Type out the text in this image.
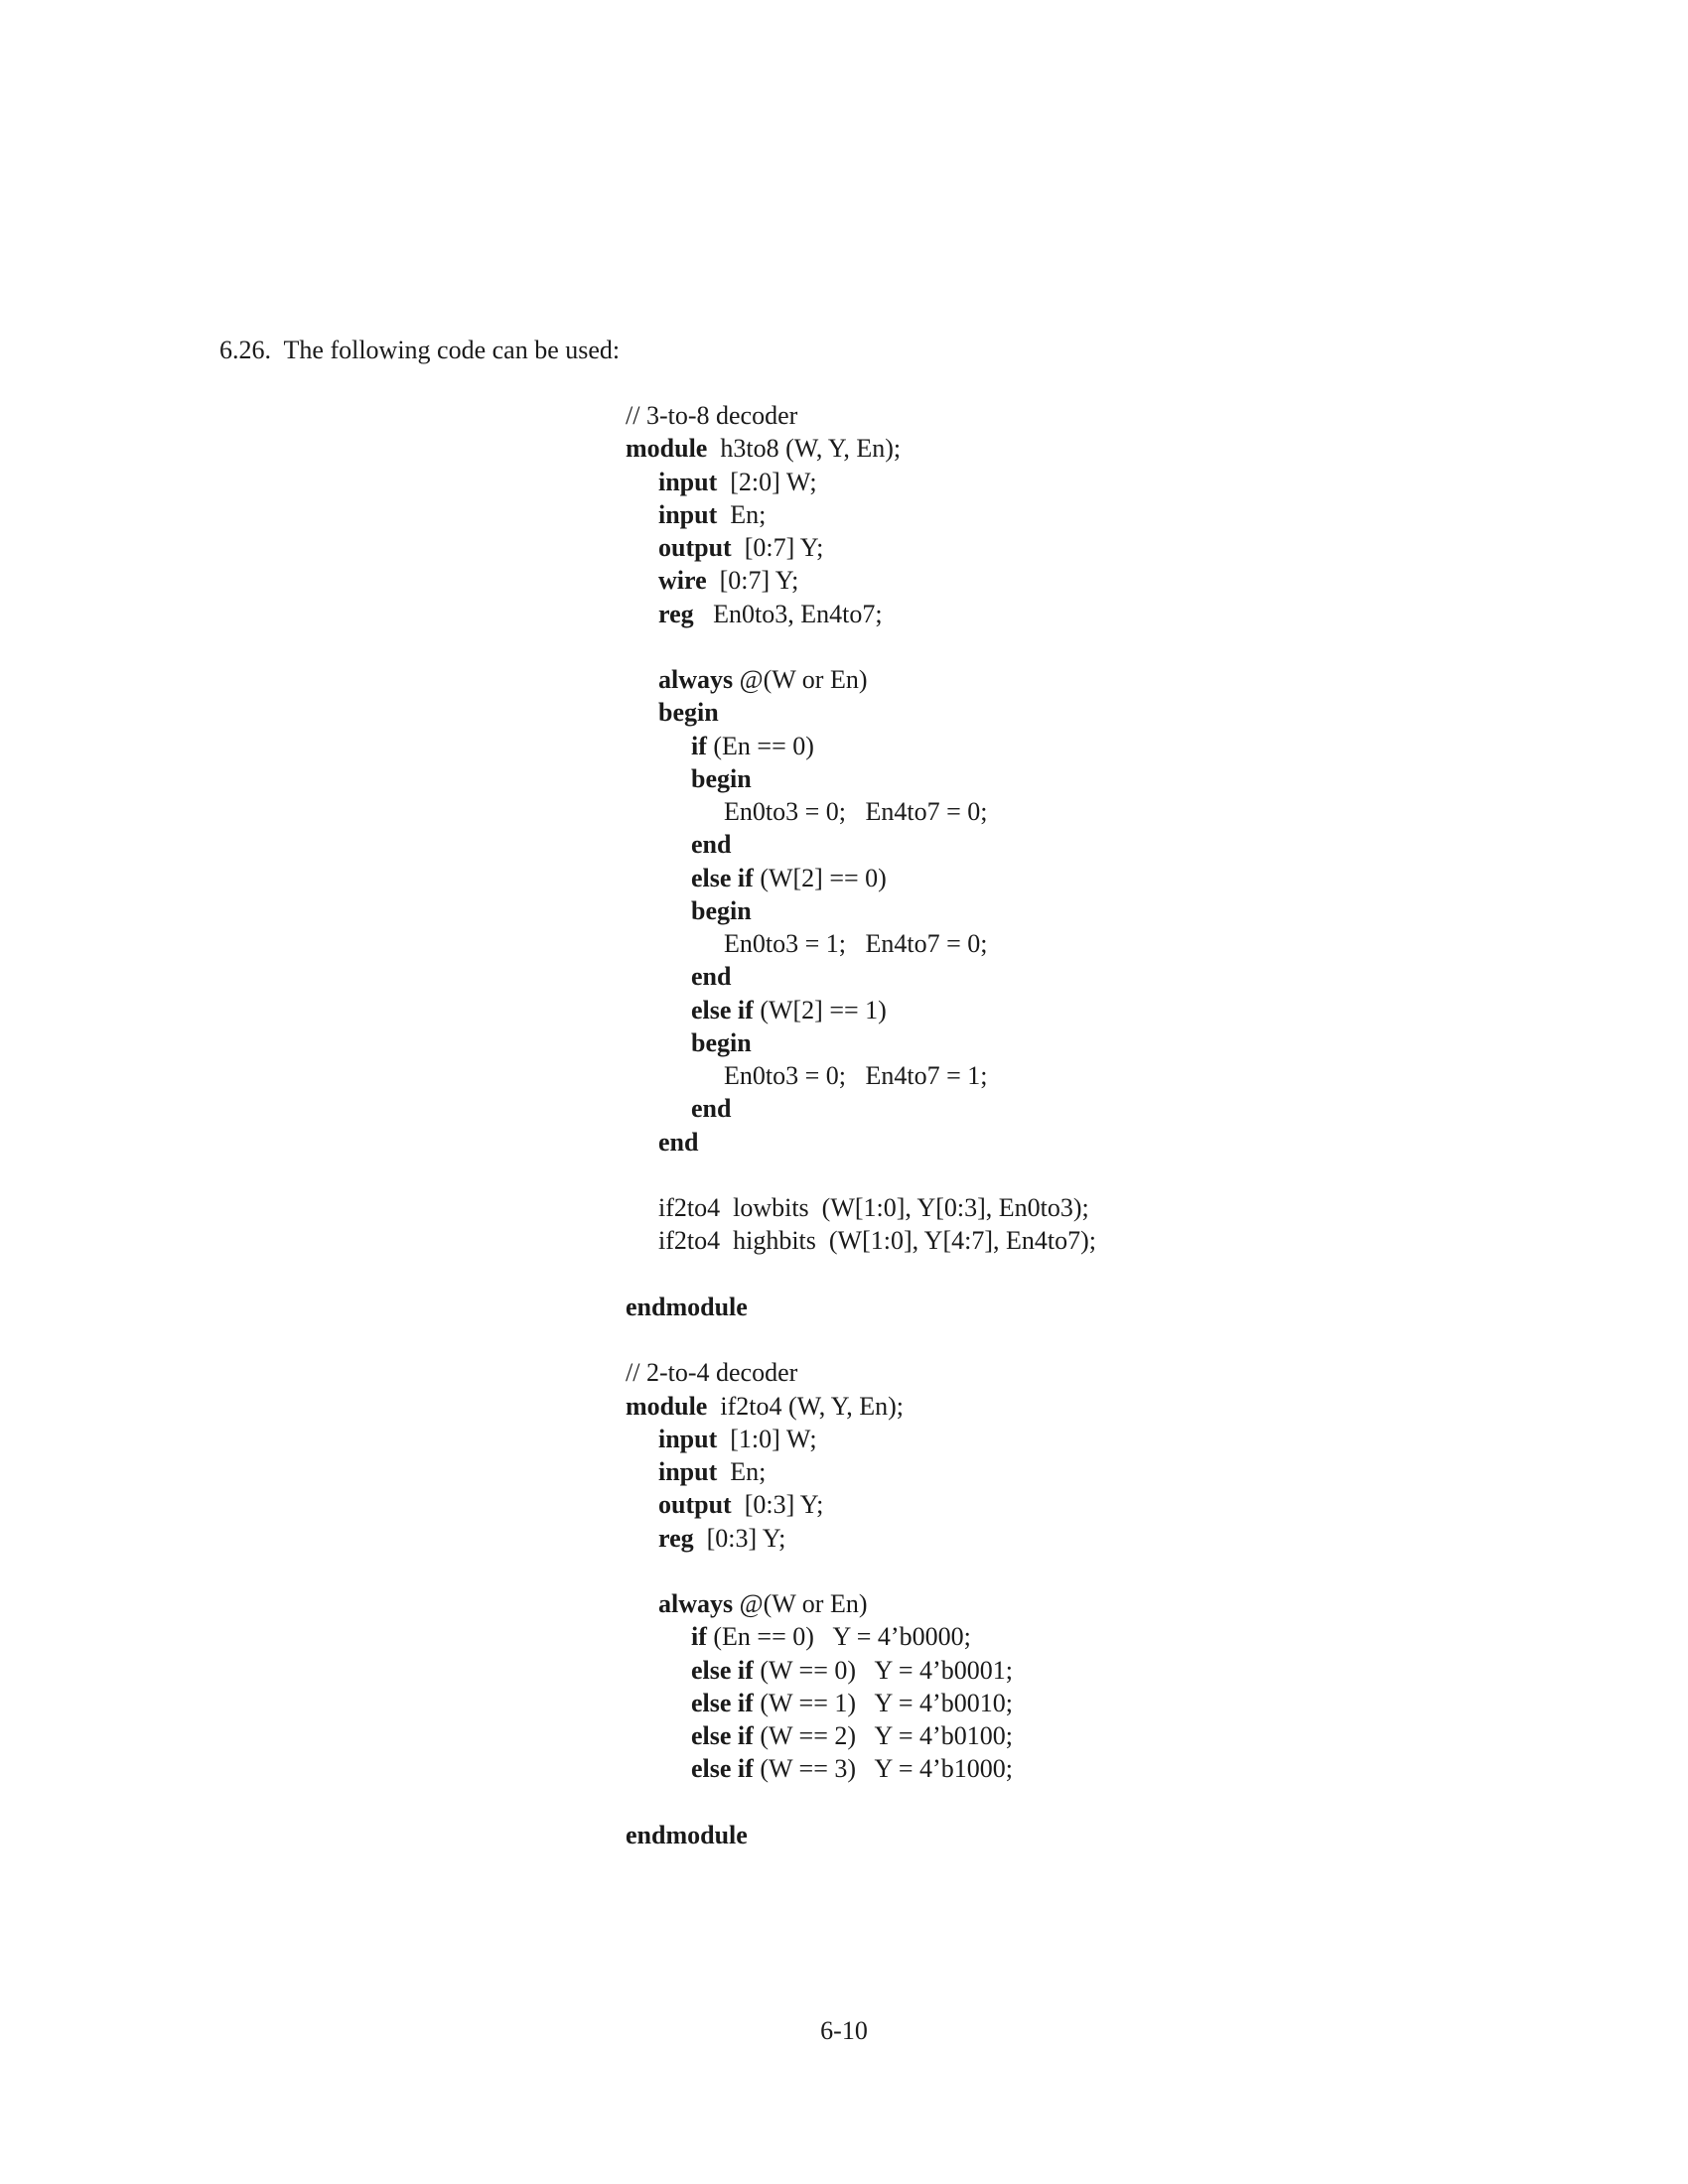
6.26.  The following code can be used:
// 3-to-8 decoder
module  h3to8 (W, Y, En);
input  [2:0] W;
input  En;
output  [0:7] Y;
wire  [0:7] Y;
reg   En0to3, En4to7;
always @(W or En)
begin
if (En == 0)
begin
En0to3 = 0;   En4to7 = 0;
end
else if (W[2] == 0)
begin
En0to3 = 1;   En4to7 = 0;
end
else if (W[2] == 1)
begin
En0to3 = 0;   En4to7 = 1;
end
end
if2to4  lowbits  (W[1:0], Y[0:3], En0to3);
if2to4  highbits  (W[1:0], Y[4:7], En4to7);
endmodule
// 2-to-4 decoder
module  if2to4 (W, Y, En);
input  [1:0] W;
input  En;
output  [0:3] Y;
reg  [0:3] Y;
always @(W or En)
if (En == 0)   Y = 4’b0000;
else if (W == 0)   Y = 4’b0001;
else if (W == 1)   Y = 4’b0010;
else if (W == 2)   Y = 4’b0100;
else if (W == 3)   Y = 4’b1000;
endmodule
6-10
